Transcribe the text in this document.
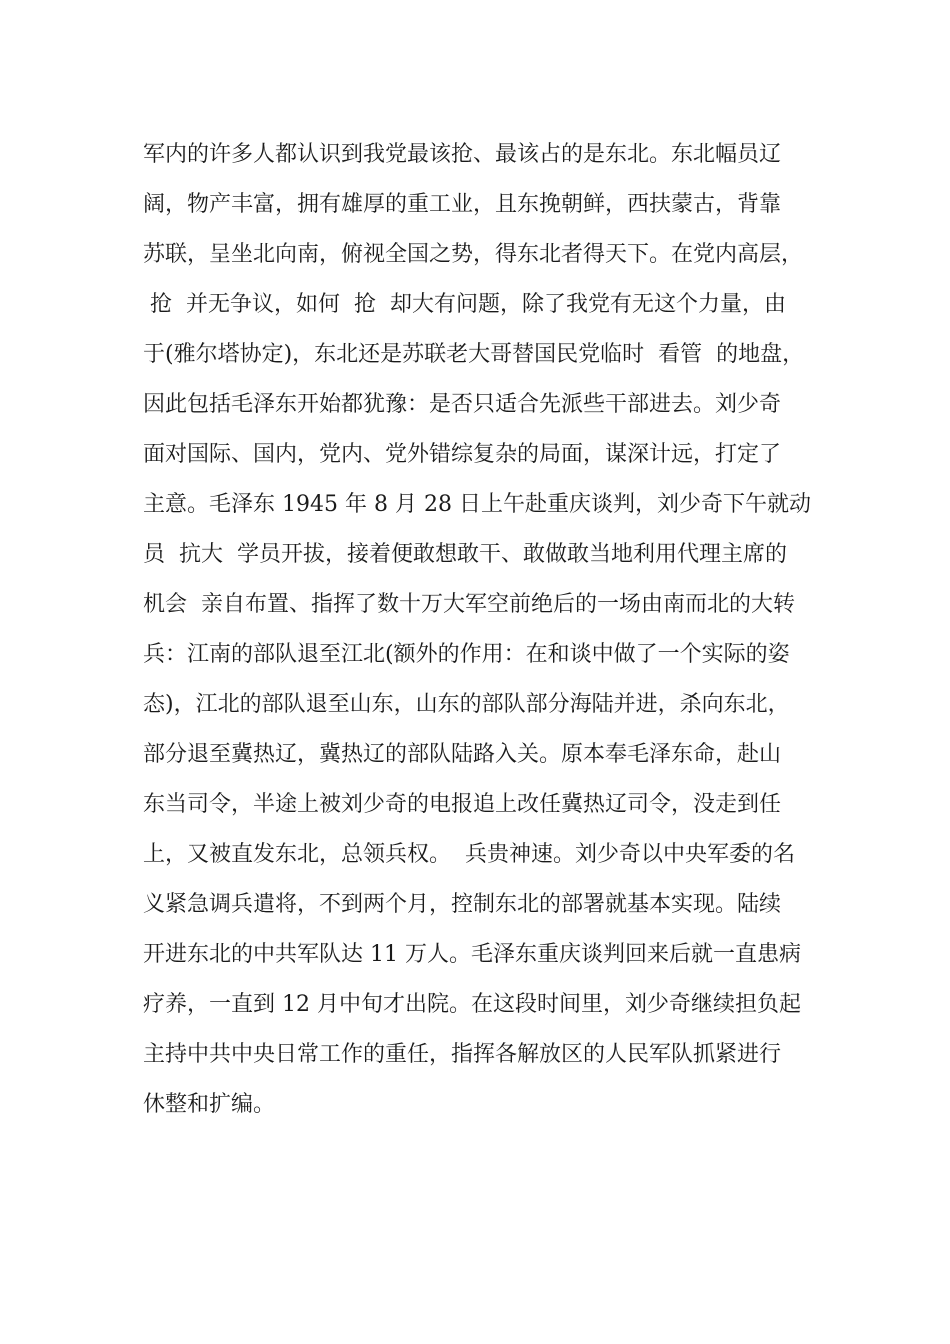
军内的许多人都认识到我党最该抢、最该占的是东北。东北幅员辽
阔，物产丰富，拥有雄厚的重工业，且东挽朝鲜，西扶蒙古，背靠
苏联，呈坐北向南，俯视全国之势，得东北者得天下。在党内高层，
抢  并无争议，如何  抢  却大有问题，除了我党有无这个力量，由
于(雅尔塔协定)，东北还是苏联老大哥替国民党临时  看管  的地盘，
因此包括毛泽东开始都犹豫：是否只适合先派些干部进去。刘少奇
面对国际、国内，党内、党外错综复杂的局面，谋深计远，打定了
主意。毛泽东 1945 年 8 月 28 日上午赴重庆谈判，刘少奇下午就动
员  抗大  学员开拔，接着便敢想敢干、敢做敢当地利用代理主席的
机会  亲自布置、指挥了数十万大军空前绝后的一场由南而北的大转
兵：江南的部队退至江北(额外的作用：在和谈中做了一个实际的姿
态)，江北的部队退至山东，山东的部队部分海陆并进，杀向东北，
部分退至冀热辽，冀热辽的部队陆路入关。原本奉毛泽东命，赴山
东当司令，半途上被刘少奇的电报追上改任冀热辽司令，没走到任
上，又被直发东北，总领兵权。  兵贵神速。刘少奇以中央军委的名
义紧急调兵遣将，不到两个月，控制东北的部署就基本实现。陆续
开进东北的中共军队达 11 万人。毛泽东重庆谈判回来后就一直患病
疗养，一直到 12 月中旬才出院。在这段时间里，刘少奇继续担负起
主持中共中央日常工作的重任，指挥各解放区的人民军队抓紧进行
休整和扩编。
